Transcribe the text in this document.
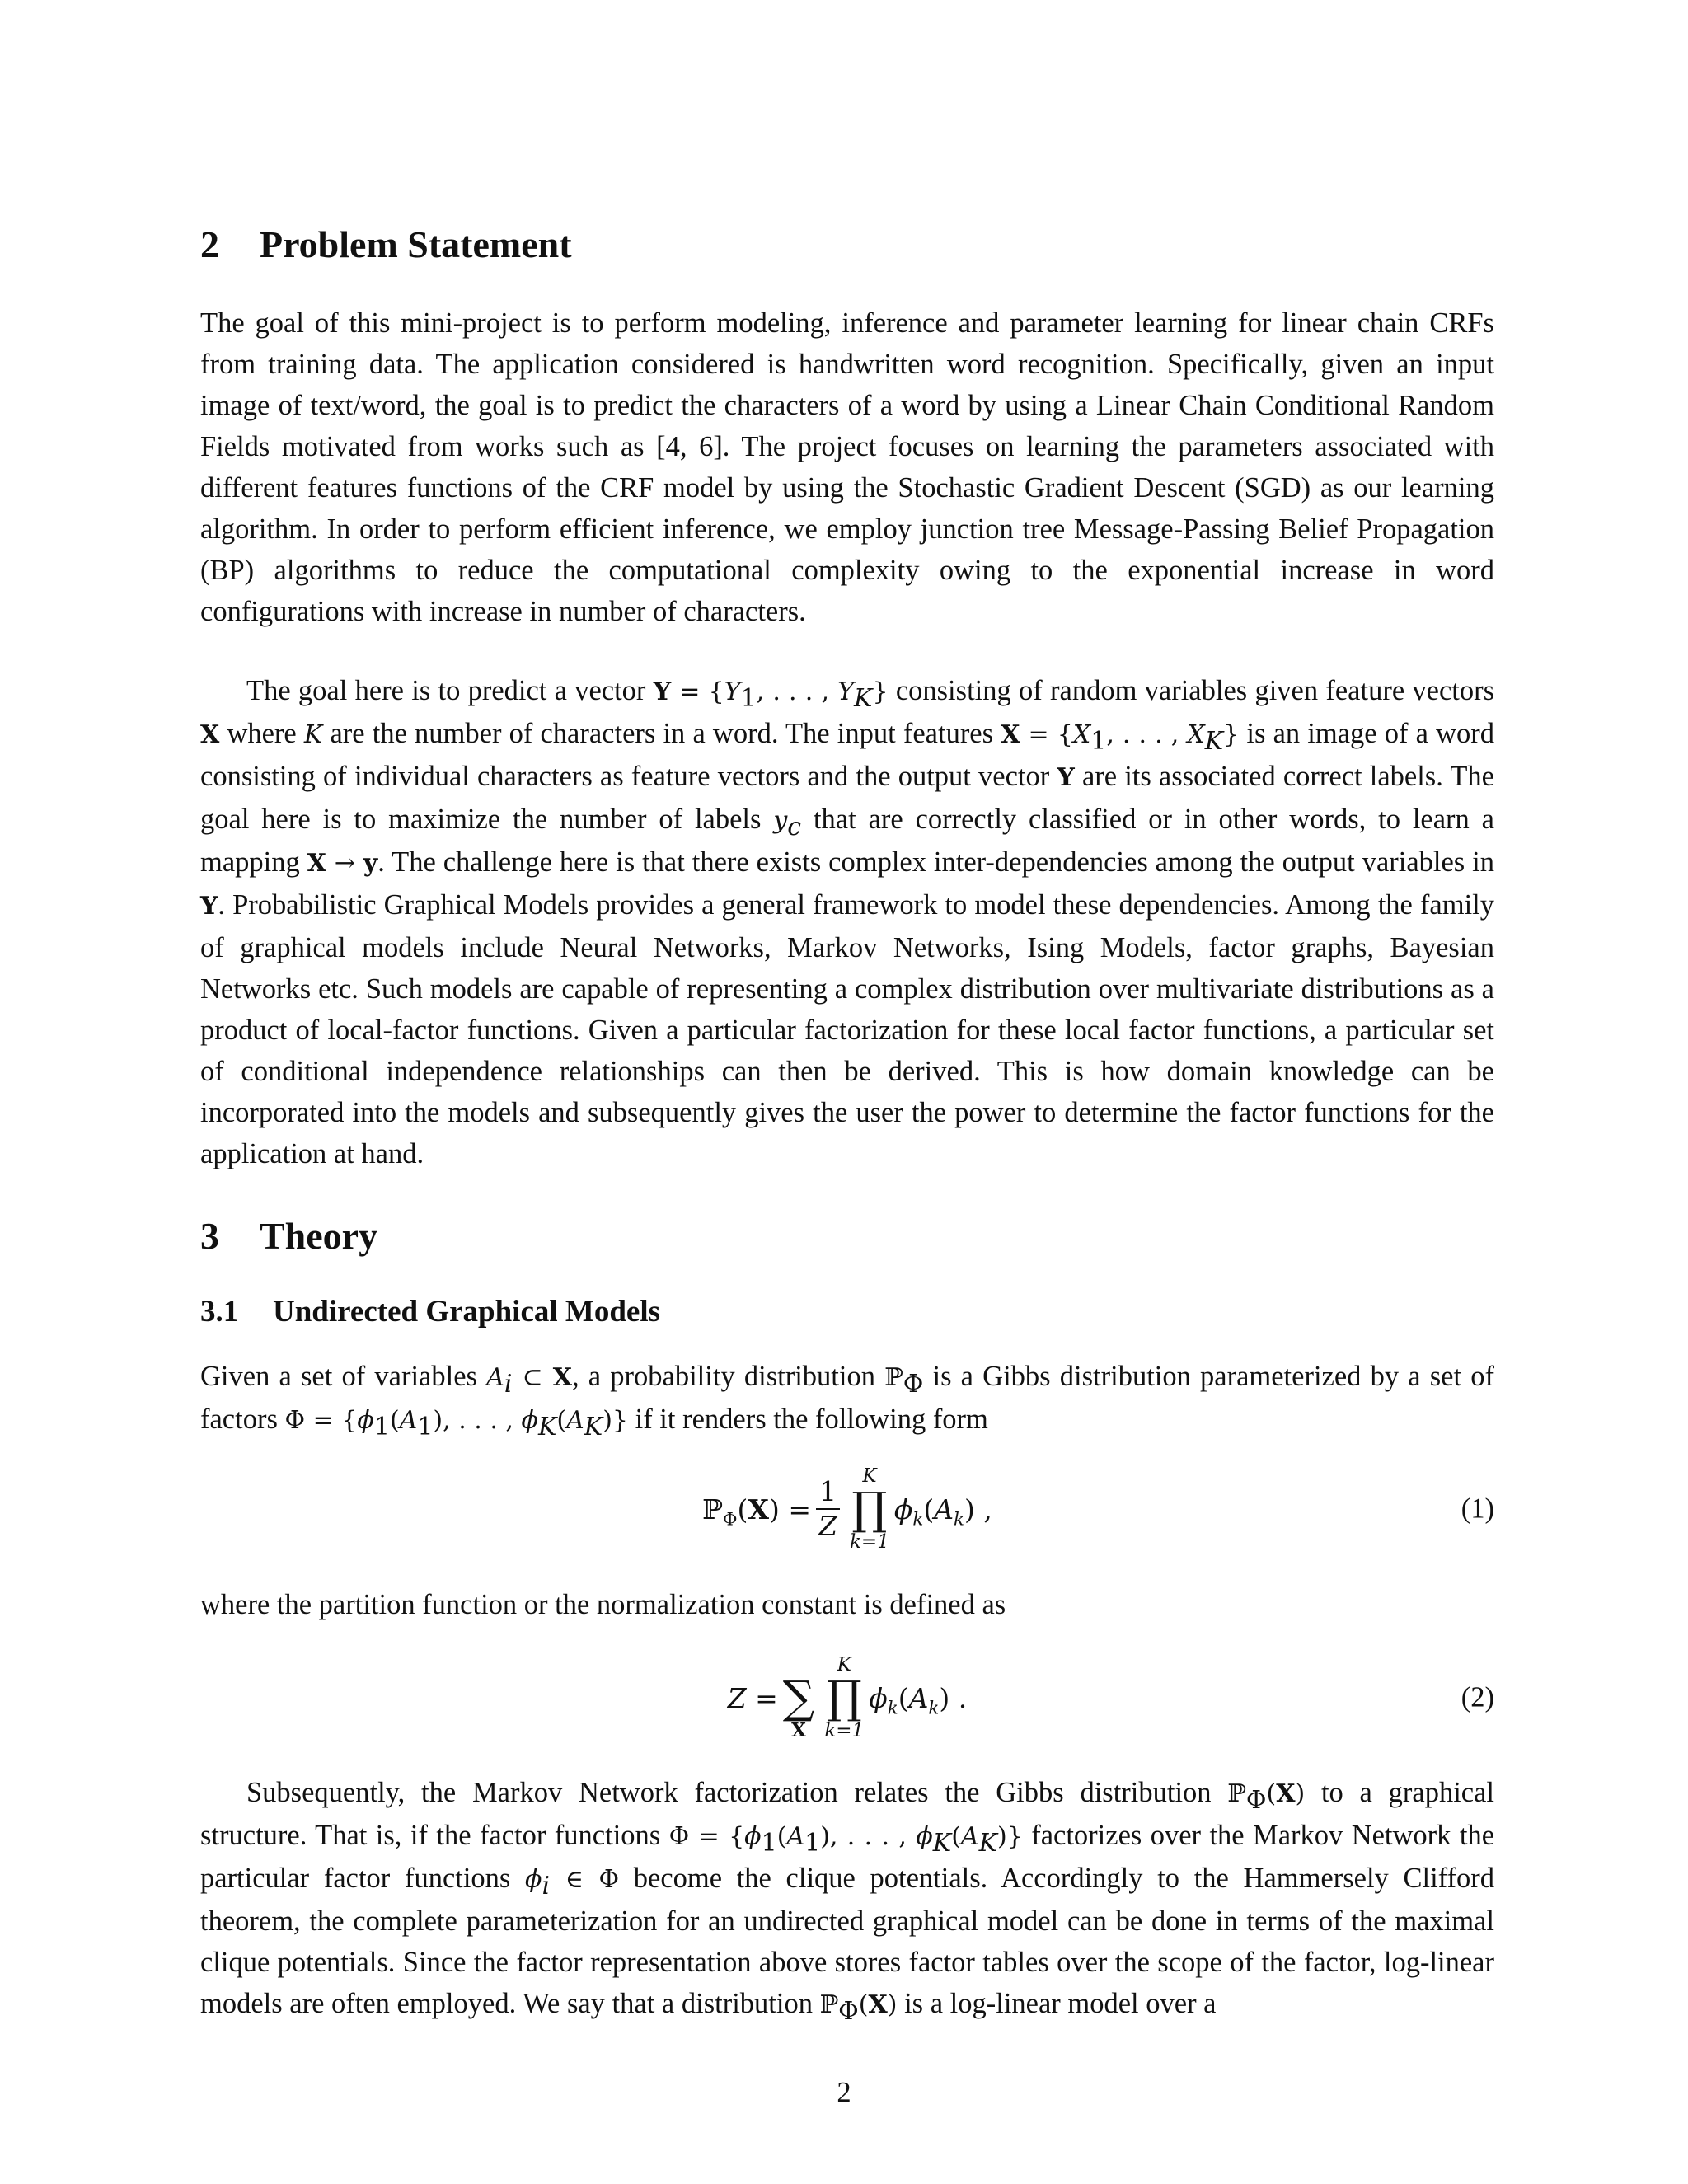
2 Problem Statement

The goal of this mini-project is to perform modeling, inference and parameter learning for linear chain CRFs from training data. The application considered is handwritten word recognition. Specifically, given an input image of text/word, the goal is to predict the characters of a word by using a Linear Chain Conditional Random Fields motivated from works such as [4, 6]. The project focuses on learning the parameters associated with different features functions of the CRF model by using the Stochastic Gradient Descent (SGD) as our learning algorithm. In order to perform efficient inference, we employ junction tree Message-Passing Belief Propagation (BP) algorithms to reduce the computational complexity owing to the exponential increase in word configurations with increase in number of characters.

The goal here is to predict a vector $Y = \{Y_1$, . . . , $Y_K$} consisting of random variables given feature vectors X where K are the number of characters in a word. The input features $X = \{X_1$, . . . , $X_K$} is an image of a word consisting of individual characters as feature vectors and the output vector Y are its associated correct labels. The goal here is to maximize the number of labels $y_c$ that are correctly classified or in other words, to learn a mapping X → y. The challenge here is that there exists complex inter-dependencies among the output variables in Y. Probabilistic Graphical Models provides a general framework to model these dependencies. Among the family of graphical models include Neural Networks, Markov Networks, Ising Models, factor graphs, Bayesian Networks etc. Such models are capable of representing a complex distribution over multivariate distributions as a product of local-factor functions. Given a particular factorization for these local factor functions, a particular set of conditional independence relationships can then be derived. This is how domain knowledge can be incorporated into the models and subsequently gives the user the power to determine the factor functions for the application at hand.

3 Theory
3.1 Undirected Graphical Models

Given a set of variables $A_i$ ⊂ X, a probability distribution ℙ$_\Phi$ is a Gibbs distribution parameterized by a set of factors $\Phi = \{\phi_1(A_1)$, . . . , $\phi_K(A_K)$} if it renders the following form

ℙ$_\Phi$(X) = $\frac{1}{Z}$ K
∏
k=1
$\phi_k(A_k)$ ,	(1)

where the partition function or the normalization constant is defined as

Z =
∑
X
K
∏
k=1
$\phi_k(A_k)$ .	(2)

Subsequently, the Markov Network factorization relates the Gibbs distribution ℙ$_\Phi$(X) to a graphical structure. That is, if the factor functions $\Phi = \{\phi_1(A_1)$, . . . , $\phi_K(A_K)$} factorizes over the Markov Network the particular factor functions $\phi_i$ ∈ Φ become the clique potentials. Accordingly to the Hammersely Clifford theorem, the complete parameterization for an undirected graphical model can be done in terms of the maximal clique potentials. Since the factor representation above stores factor tables over the scope of the factor, log-linear models are often employed. We say that a distribution ℙ$_\Phi$(X) is a log-linear model over a

2
